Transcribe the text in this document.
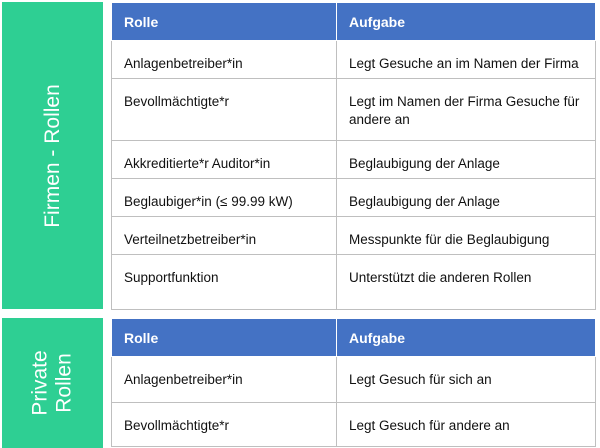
Firmen - Rollen
Rolle	Aufgabe
Anlagenbetreiber*in	Legt Gesuche an im Namen der Firma
Bevollmächtigte*r	Legt im Namen der Firma Gesuche für andere an
Akkreditierte*r Auditor*in	Beglaubigung der Anlage
Beglaubiger*in (≤ 99.99 kW)	Beglaubigung der Anlage
Verteilnetzbetreiber*in	Messpunkte für die Beglaubigung
Supportfunktion	Unterstützt die anderen Rollen
Private Rollen
Rolle	Aufgabe
Anlagenbetreiber*in	Legt Gesuch für sich an
Bevollmächtigte*r	Legt Gesuch für andere an
